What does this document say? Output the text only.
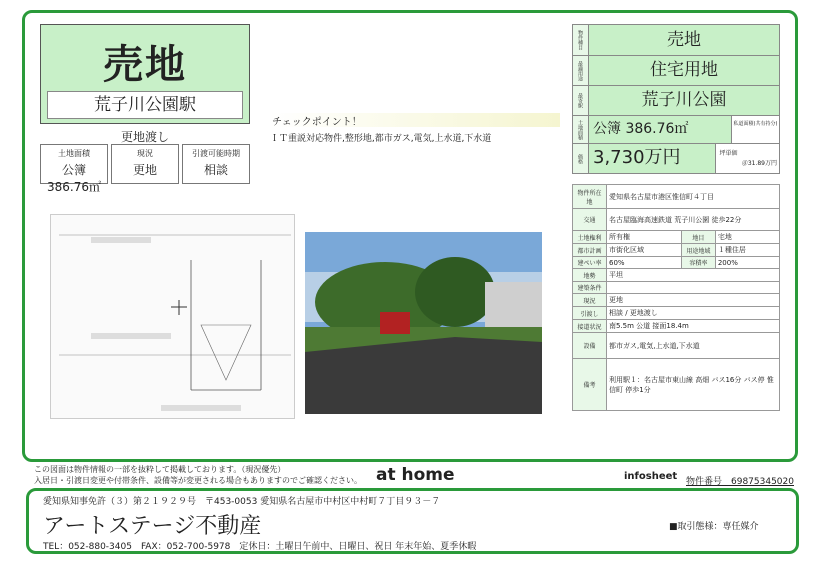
売地
荒子川公園駅
更地渡し
土地面積
公簿 386.76㎡
現況
更地
引渡可能時期
相談
チェックポイント！
ＩＴ重説対応物件,整形地,都市ガス,電気,上水道,下水道
物件種目	売地
最適用途	住宅用地
最寄駅	荒子川公園
土地面積 公簿 386.76㎡	私道面積(共有持分)
価格 3,730万円	坪単価
＠31.89万円
物件所在地	愛知県名古屋市港区惟信町４丁目		
交通	名古屋臨海高速鉄道 荒子川公園 徒歩22分		
土地権利	所有権	地目	宅地
都市計画	市街化区域	用途地域	１種住居
建ぺい率	60%	容積率	200%
地勢	平坦		
建築条件			
現況	更地		
引渡し	相談 / 更地渡し		
接道状況	南5.5m 公道 接面18.4m		
設備	都市ガス,電気,上水道,下水道		
備考	利用駅１：名古屋市東山線 高畑 バス16分 バス停 惟信町 停歩1分		
この図面は物件情報の一部を抜粋して掲載しております。（現況優先）
入居日・引渡日変更や付帯条件、設備等が変更される場合もありますのでご確認ください。 at home	infosheet 物件番号　69875345020
愛知県知事免許（３）第２１９２９号　〒453-0053 愛知県名古屋市中村区中村町７丁目９３－７
アートステージ不動産
TEL：052-880-3405　FAX：052-700-5978　定休日：土曜日午前中、日曜日、祝日 年末年始、夏季休暇
■取引態様：専任媒介
